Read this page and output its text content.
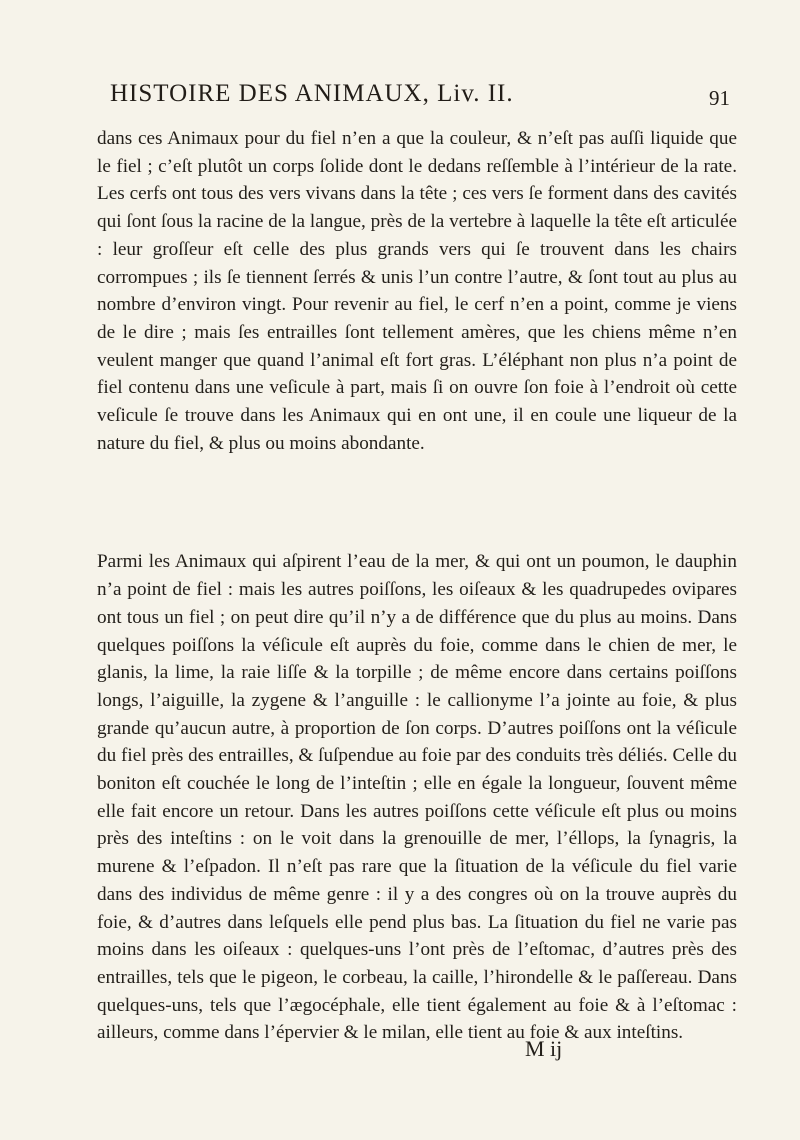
HISTOIRE DES ANIMAUX, Liv. II.	91

dans ces Animaux pour du fiel n’en a que la couleur, & n’eſt pas auſſi liquide que le fiel ; c’eſt plutôt un corps ſolide dont le dedans reſſemble à l’intérieur de la rate. Les cerfs ont tous des vers vivans dans la tête ; ces vers ſe forment dans des cavités qui ſont ſous la racine de la langue, près de la vertebre à laquelle la tête eſt articulée : leur groſſeur eſt celle des plus grands vers qui ſe trouvent dans les chairs corrompues ; ils ſe tiennent ſerrés & unis l’un contre l’autre, & ſont tout au plus au nombre d’environ vingt. Pour revenir au fiel, le cerf n’en a point, comme je viens de le dire ; mais ſes entrailles ſont tellement amères, que les chiens même n’en veulent manger que quand l’animal eſt fort gras. L’éléphant non plus n’a point de fiel contenu dans une veſicule à part, mais ſi on ouvre ſon foie à l’endroit où cette veſicule ſe trouve dans les Animaux qui en ont une, il en coule une liqueur de la nature du fiel, & plus ou moins abondante.

Parmi les Animaux qui aſpirent l’eau de la mer, & qui ont un poumon, le dauphin n’a point de fiel : mais les autres poiſſons, les oiſeaux & les quadrupedes ovipares ont tous un fiel ; on peut dire qu’il n’y a de différence que du plus au moins. Dans quelques poiſſons la véſicule eſt auprès du foie, comme dans le chien de mer, le glanis, la lime, la raie liſſe & la torpille ; de même encore dans certains poiſſons longs, l’aiguille, la zygene & l’anguille : le callionyme l’a jointe au foie, & plus grande qu’aucun autre, à proportion de ſon corps. D’autres poiſſons ont la véſicule du fiel près des entrailles, & ſuſpendue au foie par des conduits très déliés. Celle du boniton eſt couchée le long de l’inteſtin ; elle en égale la longueur, ſouvent même elle fait encore un retour. Dans les autres poiſſons cette véſicule eſt plus ou moins près des inteſtins : on le voit dans la grenouille de mer, l’éllops, la ſynagris, la murene & l’eſpadon. Il n’eſt pas rare que la ſituation de la véſicule du fiel varie dans des individus de même genre : il y a des congres où on la trouve auprès du foie, & d’autres dans leſquels elle pend plus bas. La ſituation du fiel ne varie pas moins dans les oiſeaux : quelques-uns l’ont près de l’eſtomac, d’autres près des entrailles, tels que le pigeon, le corbeau, la caille, l’hirondelle & le paſſereau. Dans quelques-uns, tels que l’ægocéphale, elle tient également au foie & à l’eſtomac : ailleurs, comme dans l’épervier & le milan, elle tient au foie & aux inteſtins.

M ij
